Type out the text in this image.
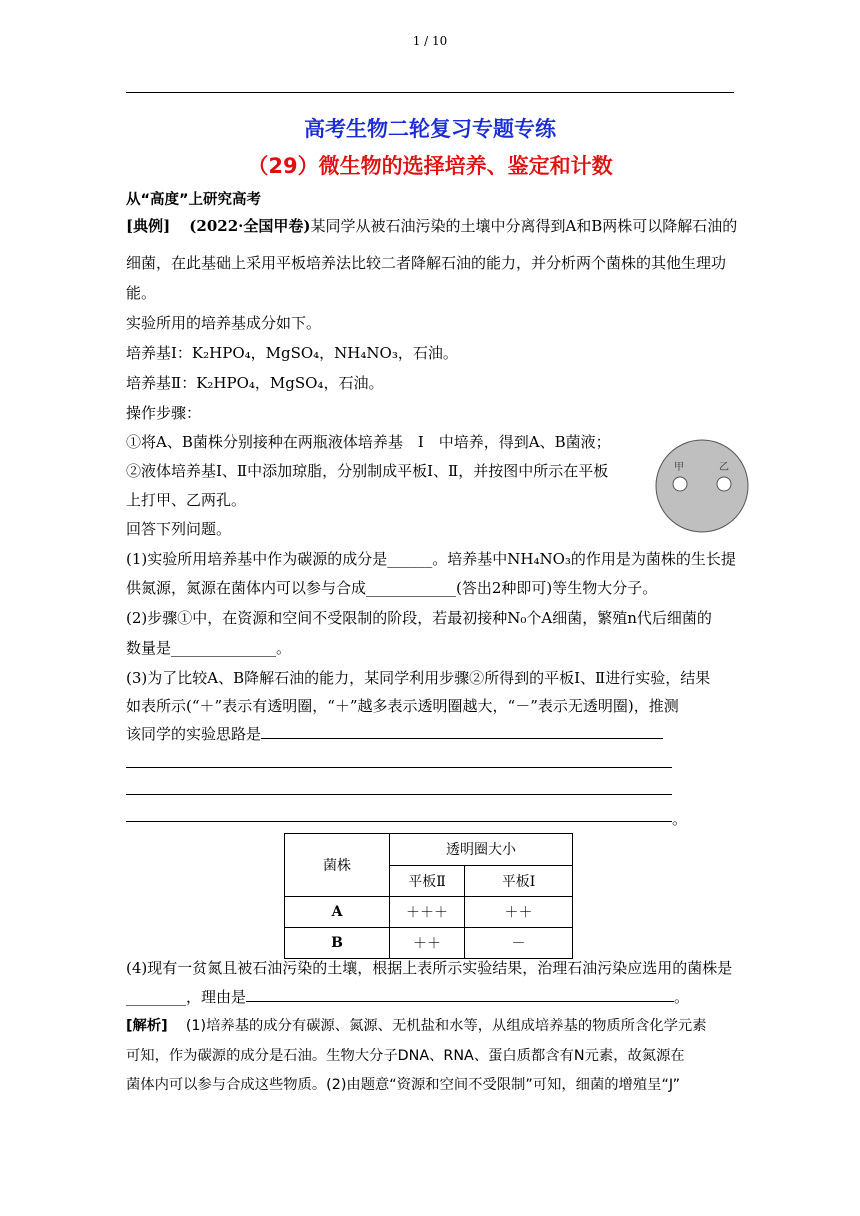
1 / 10
高考生物二轮复习专题专练
（29）微生物的选择培养、鉴定和计数
从“高度”上研究高考
[典例] (2022·全国甲卷)某同学从被石油污染的土壤中分离得到A和B两株可以降解石油的
细菌，在此基础上采用平板培养法比较二者降解石油的能力，并分析两个菌株的其他生理功
能。
实验所用的培养基成分如下。
培养基Ⅰ：K₂HPO₄，MgSO₄，NH₄NO₃，石油。
培养基Ⅱ：K₂HPO₄，MgSO₄，石油。
操作步骤：
①将A、B菌株分别接种在两瓶液体培养基　Ⅰ　中培养，得到A、B菌液；
②液体培养基Ⅰ、Ⅱ中添加琼脂，分别制成平板Ⅰ、Ⅱ，并按图中所示在平板
上打甲、乙两孔。
回答下列问题。
甲	乙
(1)实验所用培养基中作为碳源的成分是______。培养基中NH₄NO₃的作用是为菌株的生长提
供氮源，氮源在菌体内可以参与合成____________(答出2种即可)等生物大分子。
(2)步骤①中，在资源和空间不受限制的阶段，若最初接种N₀个A细菌，繁殖n代后细菌的
数量是______________。
(3)为了比较A、B降解石油的能力，某同学利用步骤②所得到的平板Ⅰ、Ⅱ进行实验，结果
如表所示(“＋”表示有透明圈，“＋”越多表示透明圈越大，“－”表示无透明圈)，推测
该同学的实验思路是
。
菌株	透明圈大小	
	平板Ⅱ	平板Ⅰ
A	＋＋＋	＋＋
B	＋＋	－
(4)现有一贫氮且被石油污染的土壤，根据上表所示实验结果，治理石油污染应选用的菌株是
________，理由是	。
[解析] (1)培养基的成分有碳源、氮源、无机盐和水等，从组成培养基的物质所含化学元素
可知，作为碳源的成分是石油。生物大分子DNA、RNA、蛋白质都含有N元素，故氮源在
菌体内可以参与合成这些物质。(2)由题意“资源和空间不受限制”可知，细菌的增殖呈“J”
